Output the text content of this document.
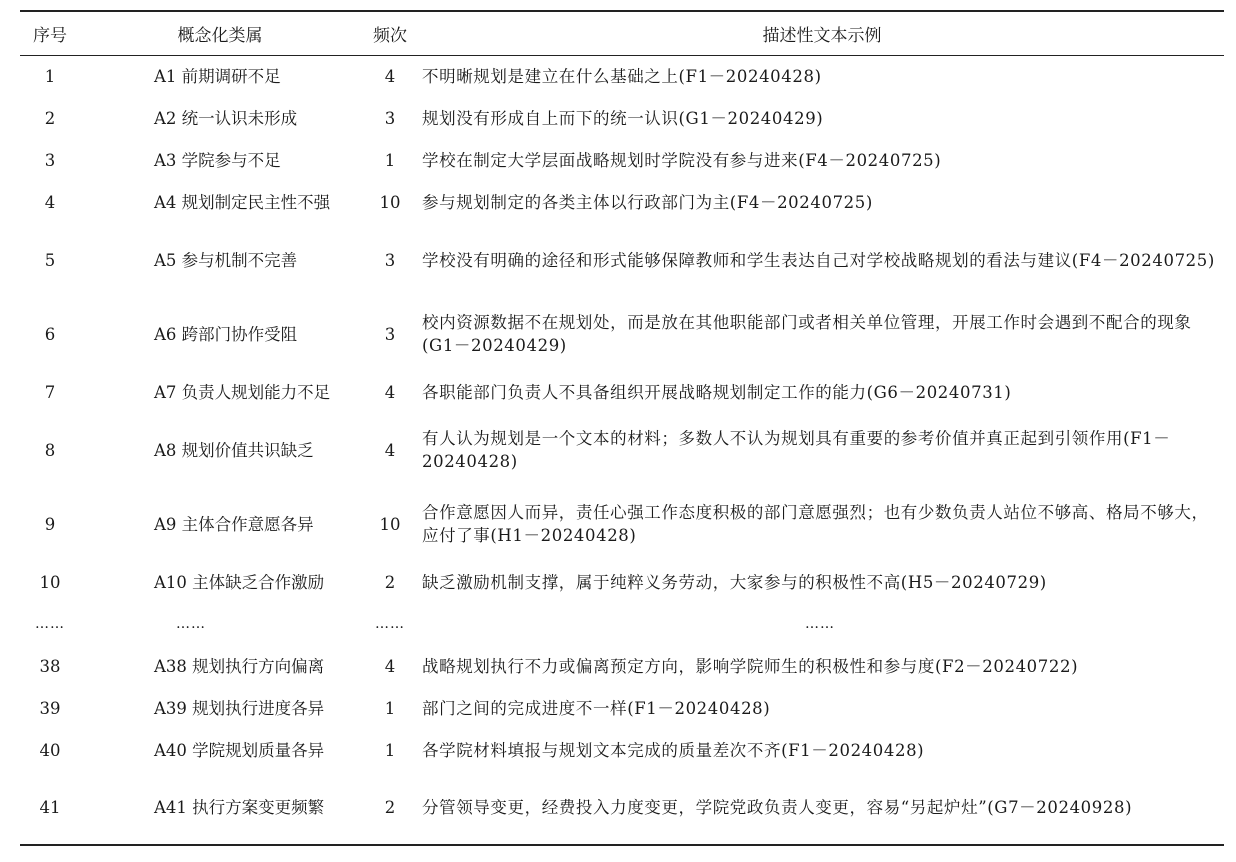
序号	概念化类属	频次	描述性文本示例
1	A1 前期调研不足	4	不明晰规划是建立在什么基础之上(F1－20240428)
2	A2 统一认识未形成	3	规划没有形成自上而下的统一认识(G1－20240429)
3	A3 学院参与不足	1	学校在制定大学层面战略规划时学院没有参与进来(F4－20240725)
4	A4 规划制定民主性不强	10	参与规划制定的各类主体以行政部门为主(F4－20240725)
5	A5 参与机制不完善	3	学校没有明确的途径和形式能够保障教师和学生表达自己对学校战略规划的看法与建议(F4－20240725)
6	A6 跨部门协作受阻	3	校内资源数据不在规划处，而是放在其他职能部门或者相关单位管理，开展工作时会遇到不配合的现象(G1－20240429)
7	A7 负责人规划能力不足	4	各职能部门负责人不具备组织开展战略规划制定工作的能力(G6－20240731)
8	A8 规划价值共识缺乏	4	有人认为规划是一个文本的材料；多数人不认为规划具有重要的参考价值并真正起到引领作用(F1－20240428)
9	A9 主体合作意愿各异	10	合作意愿因人而异，责任心强工作态度积极的部门意愿强烈；也有少数负责人站位不够高、格局不够大，应付了事(H1－20240428)
10	A10 主体缺乏合作激励	2	缺乏激励机制支撑，属于纯粹义务劳动，大家参与的积极性不高(H5－20240729)
……	……	……	……
38	A38 规划执行方向偏离	4	战略规划执行不力或偏离预定方向，影响学院师生的积极性和参与度(F2－20240722)
39	A39 规划执行进度各异	1	部门之间的完成进度不一样(F1－20240428)
40	A40 学院规划质量各异	1	各学院材料填报与规划文本完成的质量差次不齐(F1－20240428)
41	A41 执行方案变更频繁	2	分管领导变更，经费投入力度变更，学院党政负责人变更，容易“另起炉灶”(G7－20240928)
